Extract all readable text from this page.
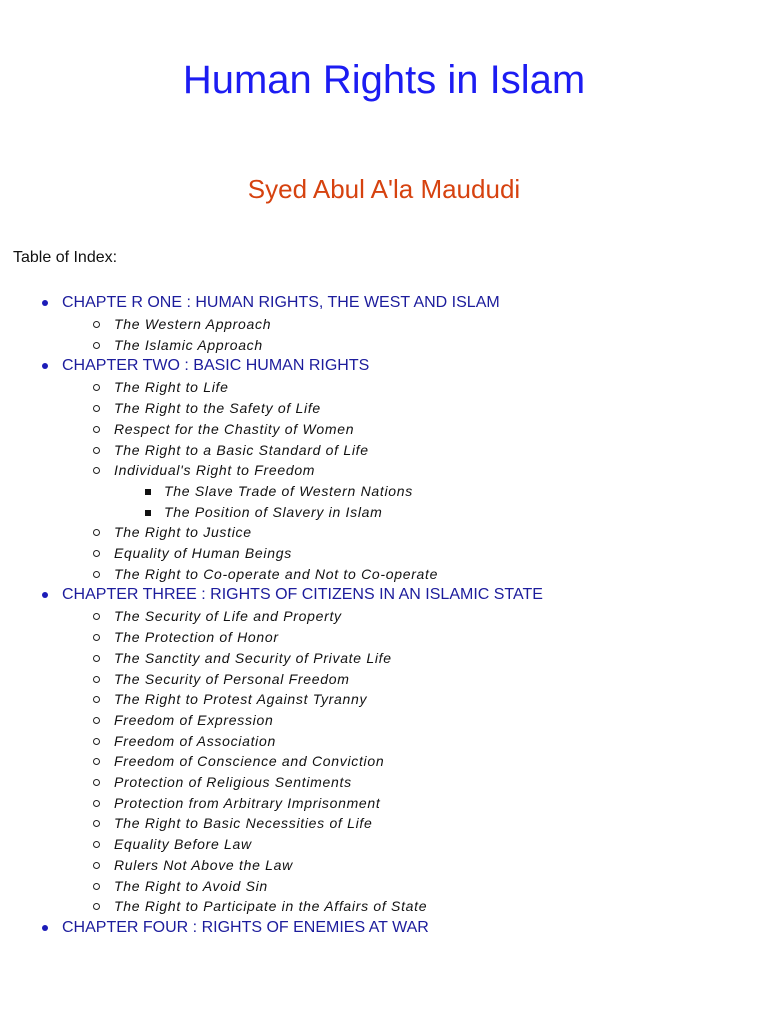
Human Rights in Islam
Syed Abul A'la Maududi

Table of Index:

CHAPTE R ONE : HUMAN RIGHTS, THE WEST AND ISLAM
The Western Approach
The Islamic Approach
CHAPTER TWO : BASIC HUMAN RIGHTS
The Right to Life
The Right to the Safety of Life
Respect for the Chastity of Women
The Right to a Basic Standard of Life
Individual's Right to Freedom
The Slave Trade of Western Nations
The Position of Slavery in Islam
The Right to Justice
Equality of Human Beings
The Right to Co-operate and Not to Co-operate
CHAPTER THREE : RIGHTS OF CITIZENS IN AN ISLAMIC STATE
The Security of Life and Property
The Protection of Honor
The Sanctity and Security of Private Life
The Security of Personal Freedom
The Right to Protest Against Tyranny
Freedom of Expression
Freedom of Association
Freedom of Conscience and Conviction
Protection of Religious Sentiments
Protection from Arbitrary Imprisonment
The Right to Basic Necessities of Life
Equality Before Law
Rulers Not Above the Law
The Right to Avoid Sin
The Right to Participate in the Affairs of State
CHAPTER FOUR : RIGHTS OF ENEMIES AT WAR
